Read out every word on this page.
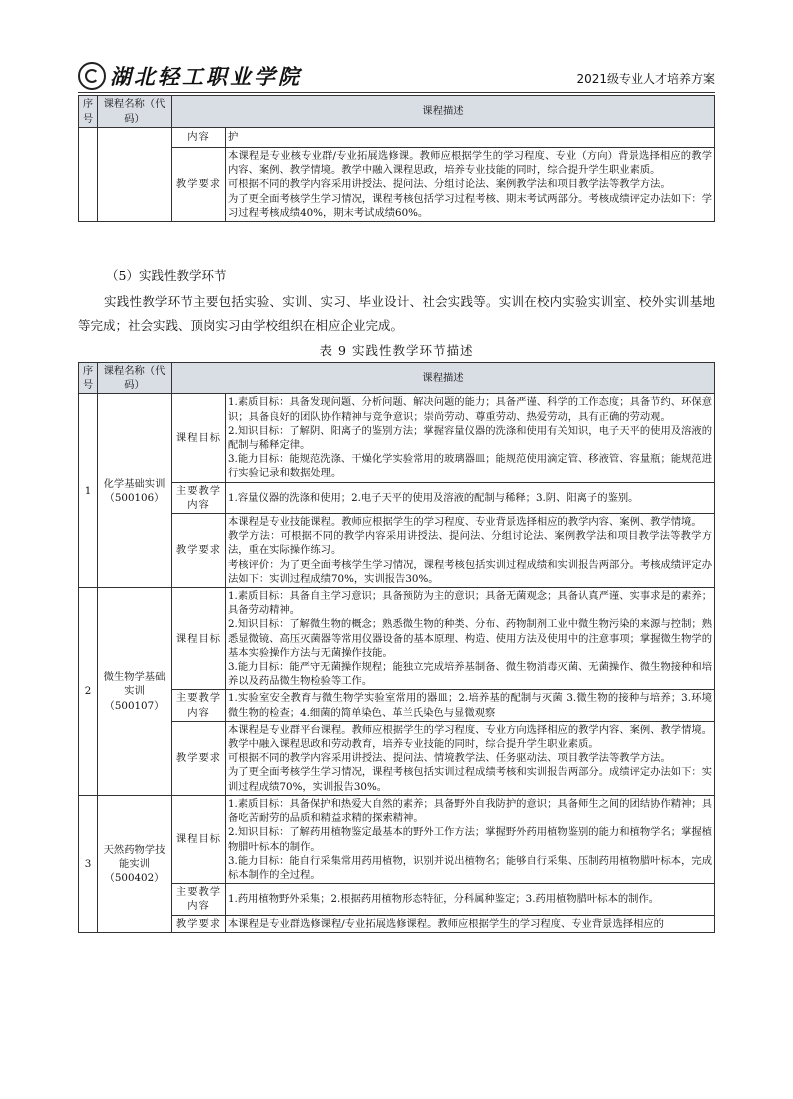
湖北轻工职业学院	2021级专业人才培养方案
序号	课程名称（代码）	课程描述	
		内容	护
		教学要求	本课程是专业核专业群/专业拓展选修课。教师应根据学生的学习程度、专业（方向）背景选择相应的教学内容、案例、教学情境。教学中融入课程思政，培养专业技能的同时，综合提升学生职业素质。
可根据不同的教学内容采用讲授法、提问法、分组讨论法、案例教学法和项目教学法等教学方法。
为了更全面考核学生学习情况，课程考核包括学习过程考核、期末考试两部分。考核成绩评定办法如下：学习过程考核成绩40%，期末考试成绩60%。
（5）实践性教学环节
实践性教学环节主要包括实验、实训、实习、毕业设计、社会实践等。实训在校内实验实训室、校外实训基地等完成；社会实践、顶岗实习由学校组织在相应企业完成。
表 9 实践性教学环节描述
序号	课程名称（代码）	课程描述	
1	化学基础实训（500106）	课程目标	1.素质目标：具备发现问题、分析问题、解决问题的能力；具备严谨、科学的工作态度；具备节约、环保意识；具备良好的团队协作精神与竞争意识；崇尚劳动、尊重劳动、热爱劳动，具有正确的劳动观。
2.知识目标：了解阴、阳离子的鉴别方法；掌握容量仪器的洗涤和使用有关知识，电子天平的使用及溶液的配制与稀释定律。
3.能力目标：能规范洗涤、干燥化学实验常用的玻璃器皿；能规范使用滴定管、移液管、容量瓶；能规范进行实验记录和数据处理。
		主要教学内容	1.容量仪器的洗涤和使用；2.电子天平的使用及溶液的配制与稀释；3.阴、阳离子的鉴别。
		教学要求	本课程是专业技能课程。教师应根据学生的学习程度、专业背景选择相应的教学内容、案例、教学情境。
教学方法：可根据不同的教学内容采用讲授法、提问法、分组讨论法、案例教学法和项目教学法等教学方法，重在实际操作练习。
考核评价：为了更全面考核学生学习情况，课程考核包括实训过程成绩和实训报告两部分。考核成绩评定办法如下：实训过程成绩70%，实训报告30%。
2	微生物学基础实训（500107）	课程目标	1.素质目标：具备自主学习意识；具备预防为主的意识；具备无菌观念；具备认真严谨、实事求是的素养；具备劳动精神。
2.知识目标：了解微生物的概念；熟悉微生物的种类、分布、药物制剂工业中微生物污染的来源与控制；熟悉显微镜、高压灭菌器等常用仪器设备的基本原理、构造、使用方法及使用中的注意事项；掌握微生物学的基本实验操作方法与无菌操作技能。
3.能力目标：能严守无菌操作规程；能独立完成培养基制备、微生物消毒灭菌、无菌操作、微生物接种和培养以及药品微生物检验等工作。
		主要教学内容	1.实验室安全教育与微生物学实验室常用的器皿；2.培养基的配制与灭菌 3.微生物的接种与培养；3.环境微生物的检查；4.细菌的简单染色、革兰氏染色与显微观察
		教学要求	本课程是专业群平台课程。教师应根据学生的学习程度、专业方向选择相应的教学内容、案例、教学情境。教学中融入课程思政和劳动教育，培养专业技能的同时，综合提升学生职业素质。
可根据不同的教学内容采用讲授法、提问法、情境教学法、任务驱动法、项目教学法等教学方法。
为了更全面考核学生学习情况，课程考核包括实训过程成绩考核和实训报告两部分。成绩评定办法如下：实训过程成绩70%，实训报告30%。
3	天然药物学技能实训（500402）	课程目标	1.素质目标：具备保护和热爱大自然的素养；具备野外自我防护的意识；具备师生之间的团结协作精神；具备吃苦耐劳的品质和精益求精的探索精神。
2.知识目标：了解药用植物鉴定最基本的野外工作方法；掌握野外药用植物鉴别的能力和植物学名；掌握植物腊叶标本的制作。
3.能力目标：能自行采集常用药用植物，识别并说出植物名；能够自行采集、压制药用植物腊叶标本，完成标本制作的全过程。
		主要教学内容	1.药用植物野外采集；2.根据药用植物形态特征，分科属种鉴定；3.药用植物腊叶标本的制作。
		教学要求	本课程是专业群选修课程/专业拓展选修课程。教师应根据学生的学习程度、专业背景选择相应的
